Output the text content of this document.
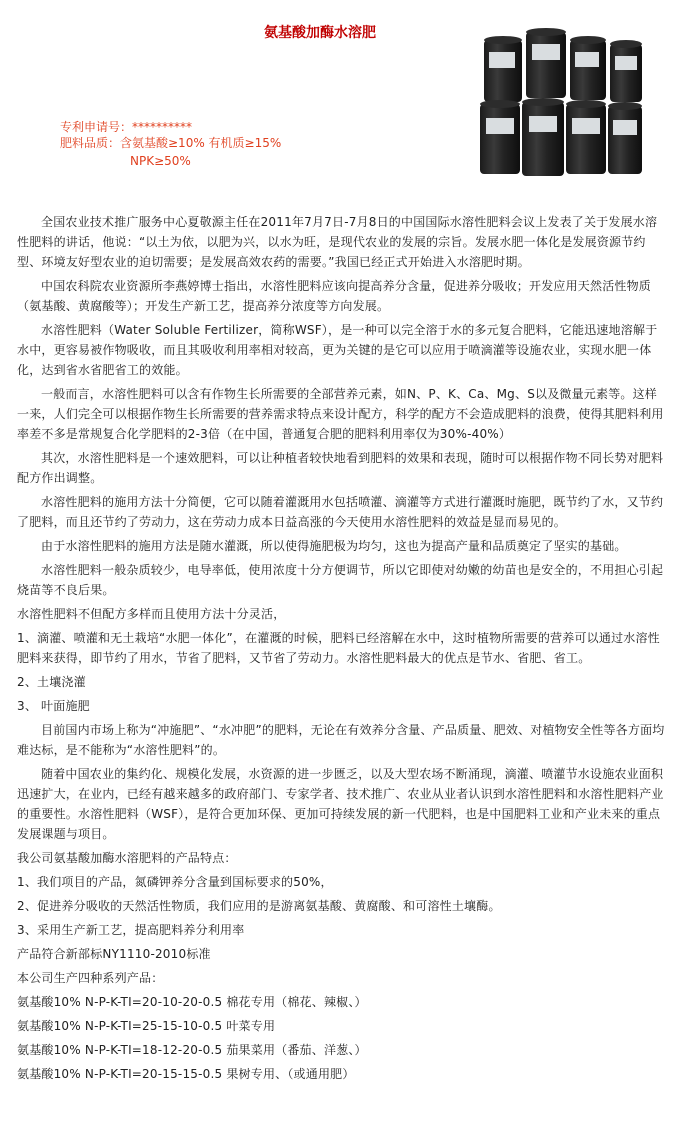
氨基酸加酶水溶肥
专利申请号：**********
肥料品质：含氨基酸≥10% 有机质≥15%
NPK≥50%

全国农业技术推广服务中心夏敬源主任在2011年7月7日-7月8日的中国国际水溶性肥料会议上发表了关于发展水溶性肥料的讲话，他说：“以土为依，以肥为兴，以水为旺，是现代农业的发展的宗旨。发展水肥一体化是发展资源节约型、环境友好型农业的迫切需要；是发展高效农药的需要。”我国已经正式开始进入水溶肥时期。

中国农科院农业资源所李燕婷博士指出，水溶性肥料应该向提高养分含量，促进养分吸收；开发应用天然活性物质（氨基酸、黄腐酸等）；开发生产新工艺，提高养分浓度等方向发展。

水溶性肥料（Water Soluble Fertilizer，简称WSF），是一种可以完全溶于水的多元复合肥料，它能迅速地溶解于水中，更容易被作物吸收，而且其吸收利用率相对较高，更为关键的是它可以应用于喷滴灌等设施农业，实现水肥一体化，达到省水省肥省工的效能。

一般而言，水溶性肥料可以含有作物生长所需要的全部营养元素，如N、P、K、Ca、Mg、S以及微量元素等。这样一来，人们完全可以根据作物生长所需要的营养需求特点来设计配方，科学的配方不会造成肥料的浪费，使得其肥料利用率差不多是常规复合化学肥料的2-3倍（在中国，普通复合肥的肥料利用率仅为30%-40%）

其次，水溶性肥料是一个速效肥料，可以让种植者较快地看到肥料的效果和表现，随时可以根据作物不同长势对肥料配方作出调整。

水溶性肥料的施用方法十分简便，它可以随着灌溉用水包括喷灌、滴灌等方式进行灌溉时施肥，既节约了水，又节约了肥料，而且还节约了劳动力，这在劳动力成本日益高涨的今天使用水溶性肥料的效益是显而易见的。

由于水溶性肥料的施用方法是随水灌溉，所以使得施肥极为均匀，这也为提高产量和品质奠定了坚实的基础。

水溶性肥料一般杂质较少，电导率低，使用浓度十分方便调节，所以它即使对幼嫩的幼苗也是安全的，不用担心引起烧苗等不良后果。

水溶性肥料不但配方多样而且使用方法十分灵活，

1、滴灌、喷灌和无土栽培“水肥一体化”，在灌溉的时候，肥料已经溶解在水中，这时植物所需要的营养可以通过水溶性肥料来获得，即节约了用水，节省了肥料，又节省了劳动力。水溶性肥料最大的优点是节水、省肥、省工。

2、土壤浇灌

3、 叶面施肥

目前国内市场上称为“冲施肥”、“水冲肥”的肥料，无论在有效养分含量、产品质量、肥效、对植物安全性等各方面均难达标，是不能称为“水溶性肥料”的。

随着中国农业的集约化、规模化发展，水资源的进一步匮乏，以及大型农场不断涌现，滴灌、喷灌节水设施农业面积迅速扩大，在业内，已经有越来越多的政府部门、专家学者、技术推广、农业从业者认识到水溶性肥料和水溶性肥料产业的重要性。水溶性肥料（WSF），是符合更加环保、更加可持续发展的新一代肥料，也是中国肥料工业和产业未来的重点发展课题与项目。

我公司氨基酸加酶水溶肥料的产品特点：

1、我们项目的产品，氮磷钾养分含量到国标要求的50%，

2、促进养分吸收的天然活性物质，我们应用的是游离氨基酸、黄腐酸、和可溶性土壤酶。

3、采用生产新工艺，提高肥料养分利用率

产品符合新部标NY1110-2010标准

本公司生产四种系列产品：

氨基酸10% N-P-K-TI=20-10-20-0.5 棉花专用（棉花、辣椒、）

氨基酸10% N-P-K-TI=25-15-10-0.5 叶菜专用

氨基酸10% N-P-K-TI=18-12-20-0.5 茄果菜用（番茄、洋葱、）

氨基酸10% N-P-K-TI=20-15-15-0.5 果树专用、（或通用肥）
